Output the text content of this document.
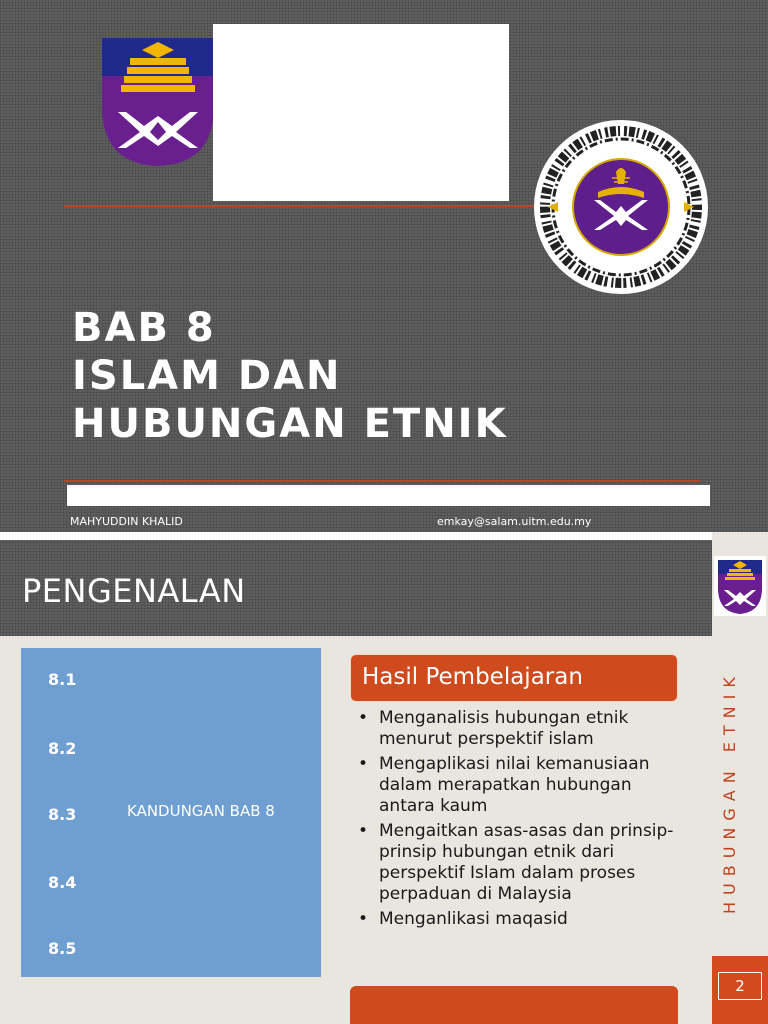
BAB 8
ISLAM DAN
HUBUNGAN ETNIK
MAHYUDDIN KHALID	emkay@salam.uitm.edu.my
PENGENALAN
8.1
8.2
8.3
8.4
8.5
KANDUNGAN BAB 8
Hasil Pembelajaran
• Menganalisis hubungan etnik menurut perspektif islam
• Mengaplikasi nilai kemanusiaan dalam merapatkan hubungan antara kaum
• Mengaitkan asas-asas dan prinsip-prinsip hubungan etnik dari perspektif Islam dalam proses perpaduan di Malaysia
• Menganlikasi maqasid
HUBUNGAN ETNIK
2
